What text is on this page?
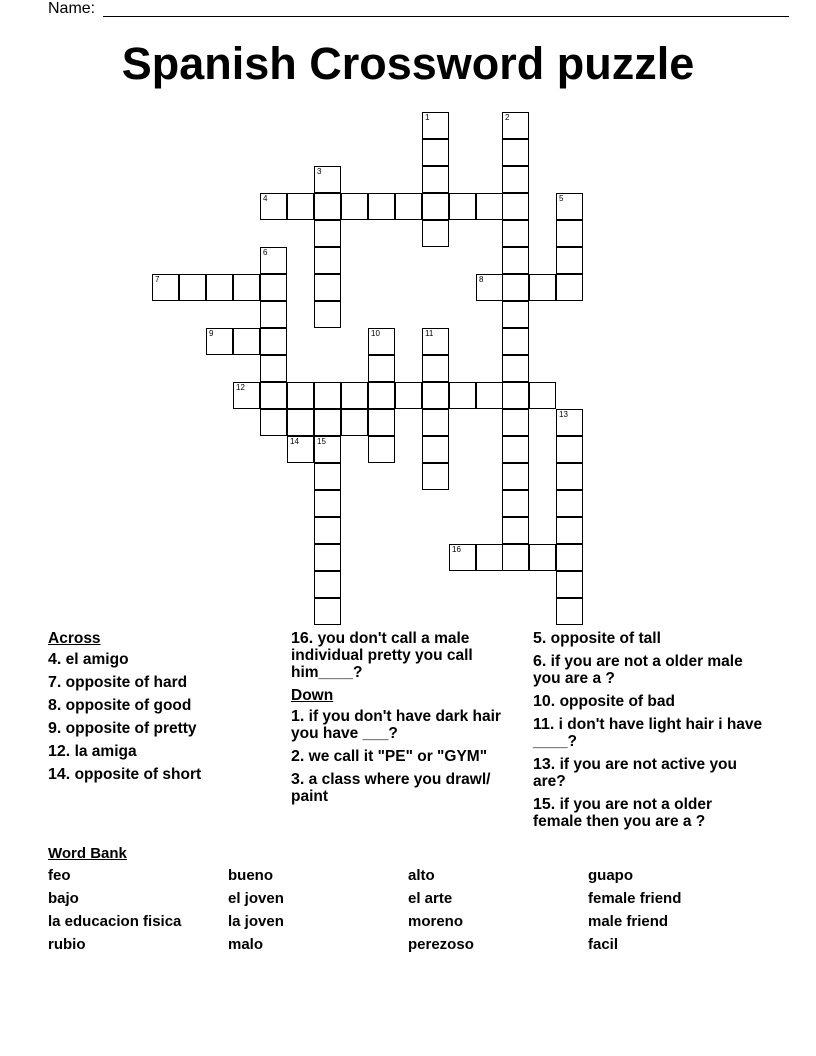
Name:
Spanish Crossword puzzle
1	2
3
4	5
6
7	8
9	10	11
12
13
14 15
16
Across
4. el amigo
7. opposite of hard
8. opposite of good
9. opposite of pretty
12. la amiga
14. opposite of short
16. you don't call a male individual pretty you call him____?
Down
1. if you don't have dark hair you have ___?
2. we call it "PE" or "GYM"
3. a class where you drawl/ paint
5. opposite of tall
6. if you are not a older male you are a ?
10. opposite of bad
11. i don't have light hair i have ____?
13. if you are not active you are?
15. if you are not a older female then you are a ?
Word Bank
feo	bueno	alto	guapo
bajo	el joven	el arte	female friend
la educacion fisica	la joven	moreno	male friend
rubio	malo	perezoso	facil
